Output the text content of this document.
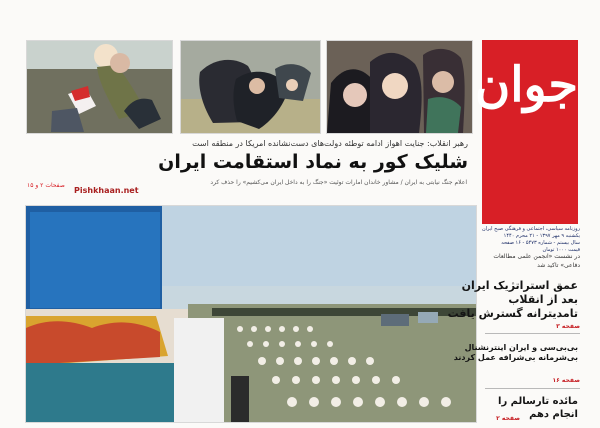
جوان
روزنامه سیاسی، اجتماعی و فرهنگی صبح ایران
یکشنبه ۹ مهر ۱۳۹۷ - ۲۱ محرم ۱۴۴۰
سال بیستم - شماره ۵۴۷۳ - ۱۶ صفحه
قیمت ۱۰۰۰ تومان
رهبر انقلاب: جنایت اهواز ادامه توطئه دولت‌های دست‌نشانده امریکا در منطقه است
شلیک کور به نماد استقامت ایران
اعلام جنگ نیابتی به ایران / مشاور خاندان امارات توئیت «جنگ را به داخل ایران می‌کشیم» را حذف کرد
صفحات ۲ و ۱۵
Pishkhaan.net
در نشست «انجمن علمی مطالعات دفاعی» تاکید شد
عمق استراتژیک ایران
بعد از انقلاب
تامدیترانه گسترش یافت
صفحه ۳
بی‌بی‌سی و ایران اینترنشنال
بی‌شرمانه بی‌شرافه عمل کردند
صفحه ۱۶
مائده تارسالم را
انجام دهم
صفحه ۲
